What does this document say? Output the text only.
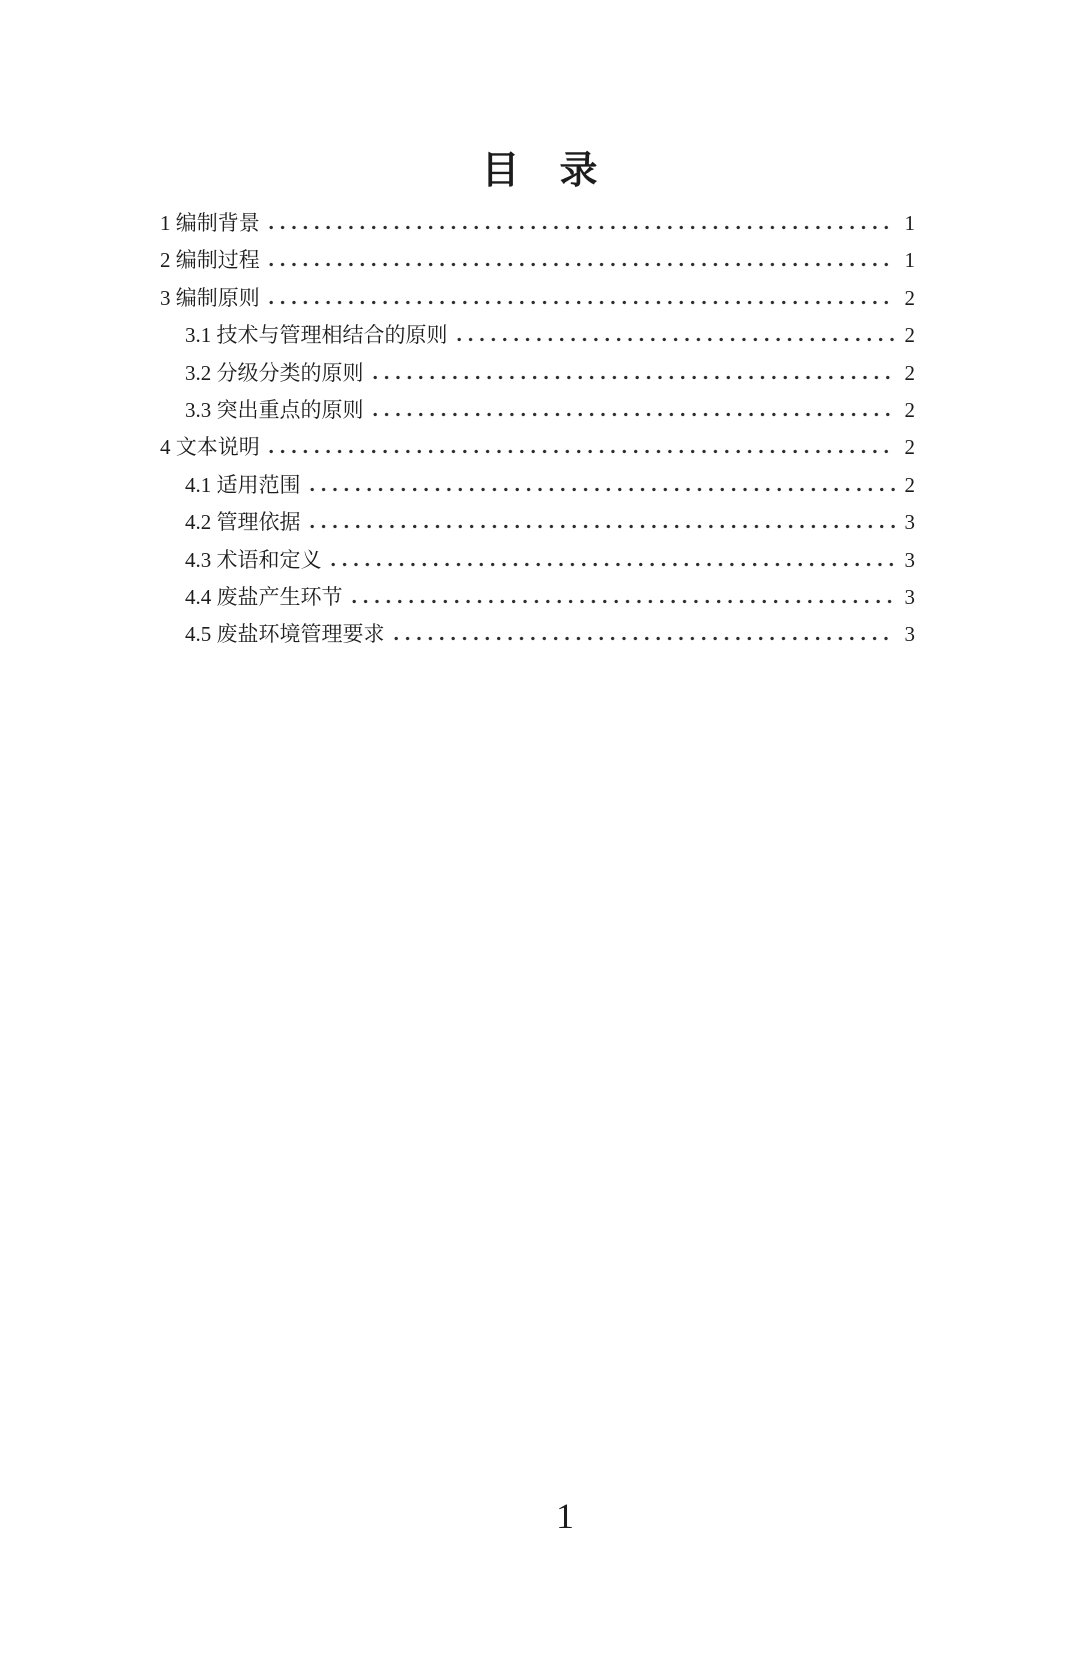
目　录
1 编制背景	1
2 编制过程	1
3 编制原则	2
3.1 技术与管理相结合的原则	2
3.2 分级分类的原则	2
3.3 突出重点的原则	2
4 文本说明	2
4.1 适用范围	2
4.2 管理依据	3
4.3 术语和定义	3
4.4 废盐产生环节	3
4.5 废盐环境管理要求	3
1
